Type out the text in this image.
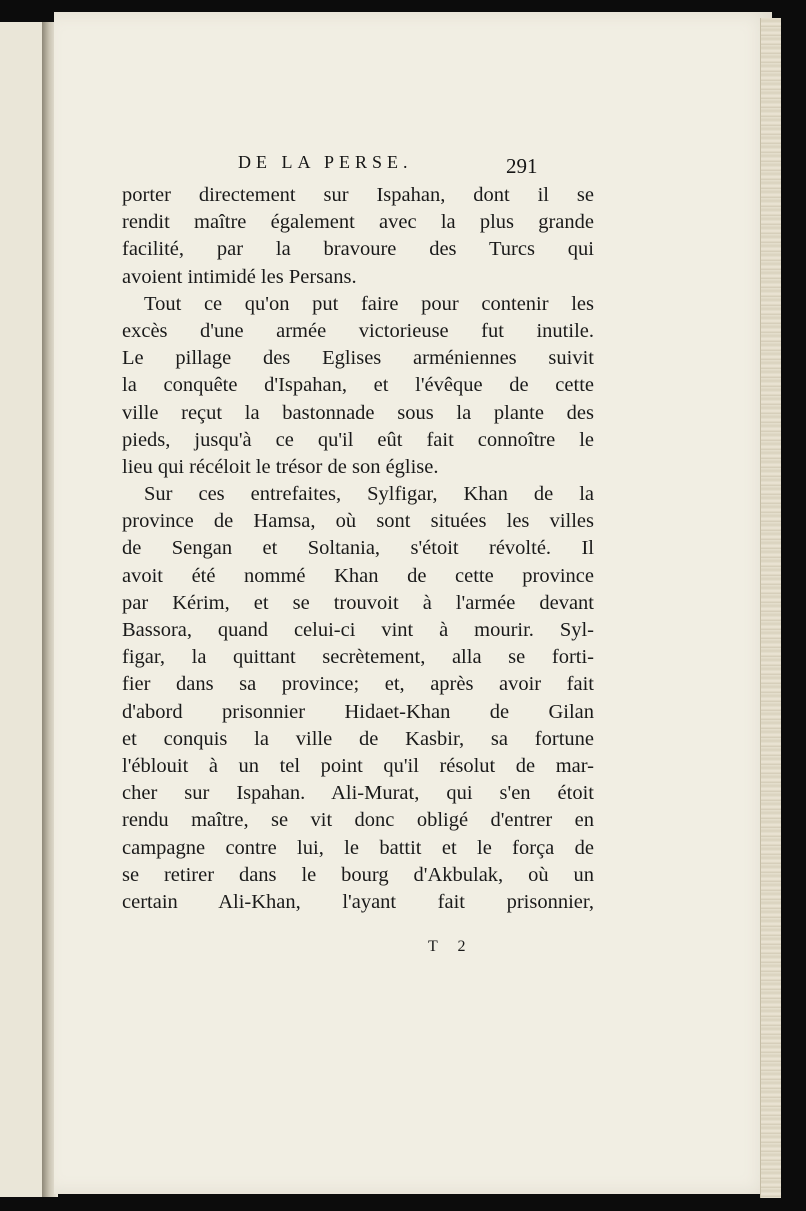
DE LA PERSE.	291
porter directement sur Ispahan, dont il se
rendit maître également avec la plus grande
facilité, par la bravoure des Turcs qui
avoient intimidé les Persans.
Tout ce qu'on put faire pour contenir les
excès d'une armée victorieuse fut inutile.
Le pillage des Eglises arméniennes suivit
la conquête d'Ispahan, et l'évêque de cette
ville reçut la bastonnade sous la plante des
pieds, jusqu'à ce qu'il eût fait connoître le
lieu qui récéloit le trésor de son église.
Sur ces entrefaites, Sylfigar, Khan de la
province de Hamsa, où sont situées les villes
de Sengan et Soltania, s'étoit révolté. Il
avoit été nommé Khan de cette province
par Kérim, et se trouvoit à l'armée devant
Bassora, quand celui-ci vint à mourir. Syl-
figar, la quittant secrètement, alla se forti-
fier dans sa province; et, après avoir fait
d'abord prisonnier Hidaet-Khan de Gilan
et conquis la ville de Kasbir, sa fortune
l'éblouit à un tel point qu'il résolut de mar-
cher sur Ispahan. Ali-Murat, qui s'en étoit
rendu maître, se vit donc obligé d'entrer en
campagne contre lui, le battit et le força de
se retirer dans le bourg d'Akbulak, où un
certain Ali-Khan, l'ayant fait prisonnier,
T 2
